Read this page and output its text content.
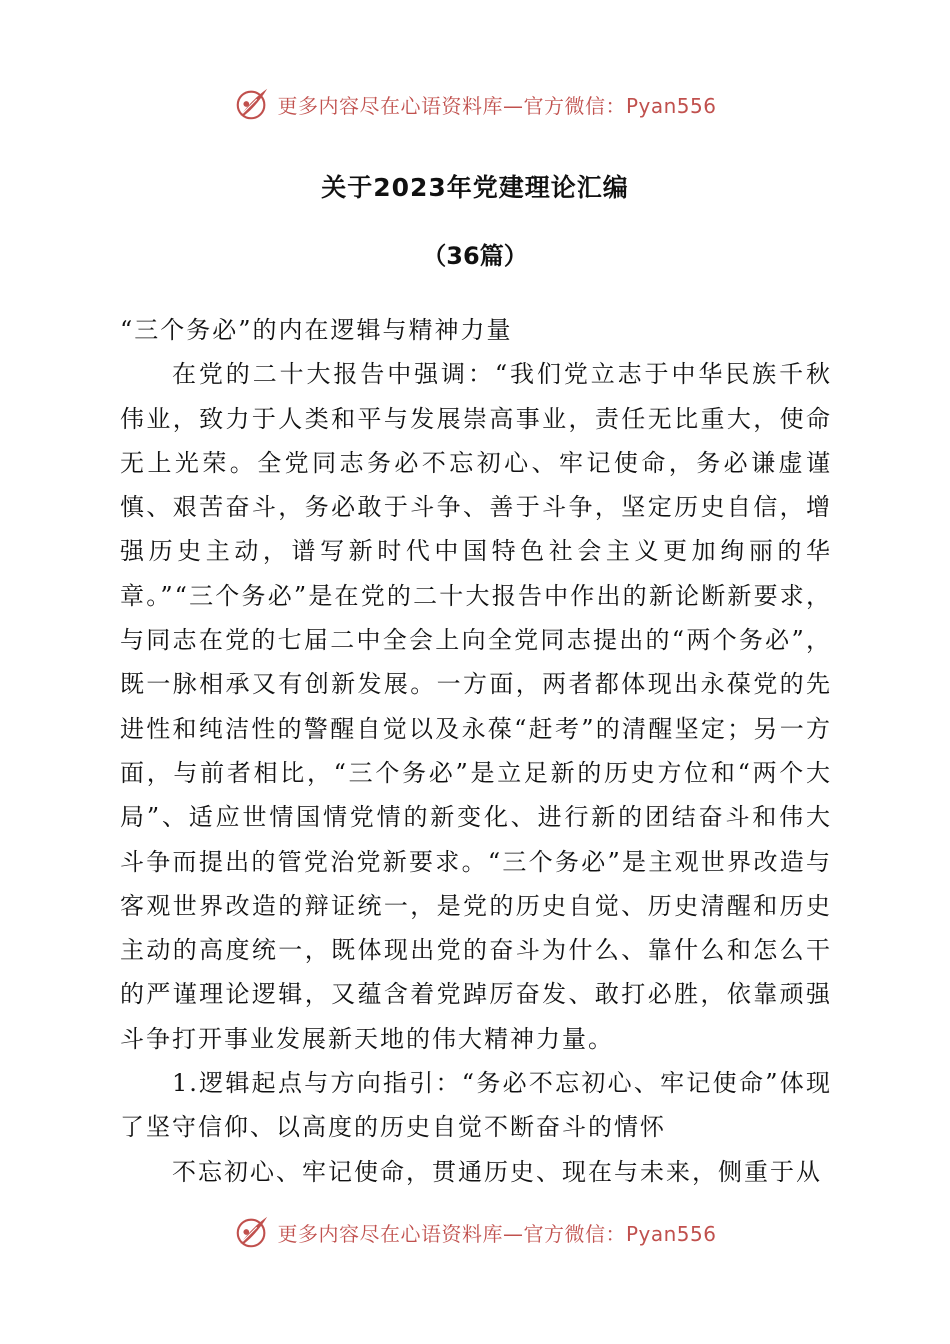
更多内容尽在心语资料库—官方微信：Pyan556
关于2023年党建理论汇编
（36篇）

“三个务必”的内在逻辑与精神力量

在党的二十大报告中强调：“我们党立志于中华民族千秋伟业，致力于人类和平与发展崇高事业，责任无比重大，使命无上光荣。全党同志务必不忘初心、牢记使命，务必谦虚谨慎、艰苦奋斗，务必敢于斗争、善于斗争，坚定历史自信，增强历史主动，谱写新时代中国特色社会主义更加绚丽的华章。”“三个务必”是在党的二十大报告中作出的新论断新要求，与同志在党的七届二中全会上向全党同志提出的“两个务必”，既一脉相承又有创新发展。一方面，两者都体现出永葆党的先进性和纯洁性的警醒自觉以及永葆“赶考”的清醒坚定；另一方面，与前者相比，“三个务必”是立足新的历史方位和“两个大局”、适应世情国情党情的新变化、进行新的团结奋斗和伟大斗争而提出的管党治党新要求。“三个务必”是主观世界改造与客观世界改造的辩证统一，是党的历史自觉、历史清醒和历史主动的高度统一，既体现出党的奋斗为什么、靠什么和怎么干的严谨理论逻辑，又蕴含着党踔厉奋发、敢打必胜，依靠顽强斗争打开事业发展新天地的伟大精神力量。

1.逻辑起点与方向指引：“务必不忘初心、牢记使命”体现了坚守信仰、以高度的历史自觉不断奋斗的情怀

不忘初心、牢记使命，贯通历史、现在与未来，侧重于从

更多内容尽在心语资料库—官方微信：Pyan556
